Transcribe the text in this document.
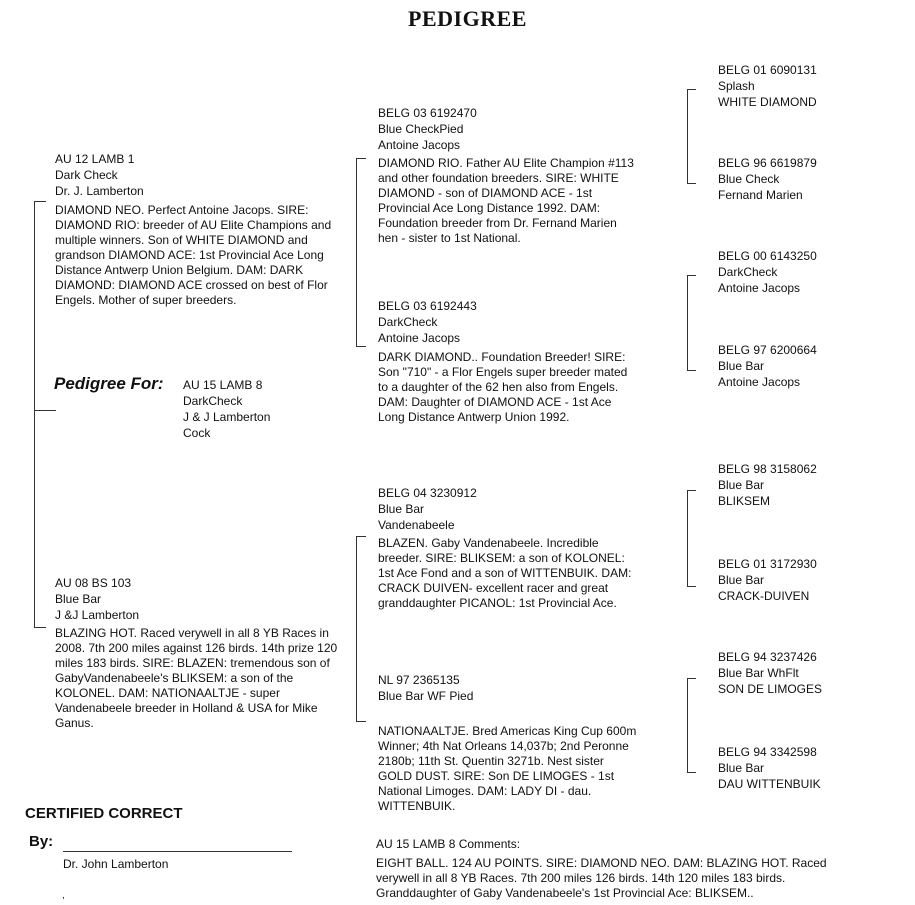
PEDIGREE
AU 12 LAMB 1
Dark Check
Dr. J. Lamberton
DIAMOND NEO. Perfect Antoine Jacops. SIRE: DIAMOND RIO: breeder of AU Elite Champions and multiple winners. Son of WHITE DIAMOND and grandson DIAMOND ACE: 1st Provincial Ace Long Distance Antwerp Union Belgium. DAM: DARK DIAMOND: DIAMOND ACE crossed on best of Flor Engels. Mother of super breeders.
Pedigree For: AU 15 LAMB 8
DarkCheck
J & J Lamberton
Cock
AU 08 BS 103
Blue Bar
J &J Lamberton
BLAZING HOT. Raced verywell in all 8 YB Races in 2008. 7th 200 miles against 126 birds. 14th prize 120 miles 183 birds. SIRE: BLAZEN: tremendous son of GabyVandenabeele's BLIKSEM: a son of the KOLONEL. DAM: NATIONAALTJE - super Vandenabeele breeder in Holland & USA for Mike Ganus.
BELG 03 6192470
Blue CheckPied
Antoine Jacops
DIAMOND RIO. Father AU Elite Champion #113 and other foundation breeders. SIRE: WHITE DIAMOND - son of DIAMOND ACE - 1st Provincial Ace Long Distance 1992. DAM: Foundation breeder from Dr. Fernand Marien hen - sister to 1st National.
BELG 03 6192443
DarkCheck
Antoine Jacops
DARK DIAMOND.. Foundation Breeder! SIRE: Son "710" - a Flor Engels super breeder mated to a daughter of the 62 hen also from Engels. DAM: Daughter of DIAMOND ACE - 1st Ace Long Distance Antwerp Union 1992.
BELG 04 3230912
Blue Bar
Vandenabeele
BLAZEN. Gaby Vandenabeele. Incredible breeder. SIRE: BLIKSEM: a son of KOLONEL: 1st Ace Fond and a son of WITTENBUIK. DAM: CRACK DUIVEN- excellent racer and great granddaughter PICANOL: 1st Provincial Ace.
NL 97 2365135
Blue Bar WF Pied
NATIONAALTJE. Bred Americas King Cup 600m Winner; 4th Nat Orleans 14,037b; 2nd Peronne 2180b; 11th St. Quentin 3271b. Nest sister GOLD DUST. SIRE: Son DE LIMOGES - 1st National Limoges. DAM: LADY DI - dau. WITTENBUIK.
BELG 01 6090131
Splash
WHITE DIAMOND
BELG 96 6619879
Blue Check
Fernand Marien
BELG 00 6143250
DarkCheck
Antoine Jacops
BELG 97 6200664
Blue Bar
Antoine Jacops
BELG 98 3158062
Blue Bar
BLIKSEM
BELG 01 3172930
Blue Bar
CRACK-DUIVEN
BELG 94 3237426
Blue Bar WhFlt
SON DE LIMOGES
BELG 94 3342598
Blue Bar
DAU WITTENBUIK
AU 15 LAMB 8 Comments:
EIGHT BALL. 124 AU POINTS. SIRE: DIAMOND NEO. DAM: BLAZING HOT. Raced verywell in all 8 YB Races. 7th 200 miles 126 birds. 14th 120 miles 183 birds. Granddaughter of Gaby Vandenabeele's 1st Provincial Ace: BLIKSEM..
CERTIFIED CORRECT
By:
Dr. John Lamberton
,
